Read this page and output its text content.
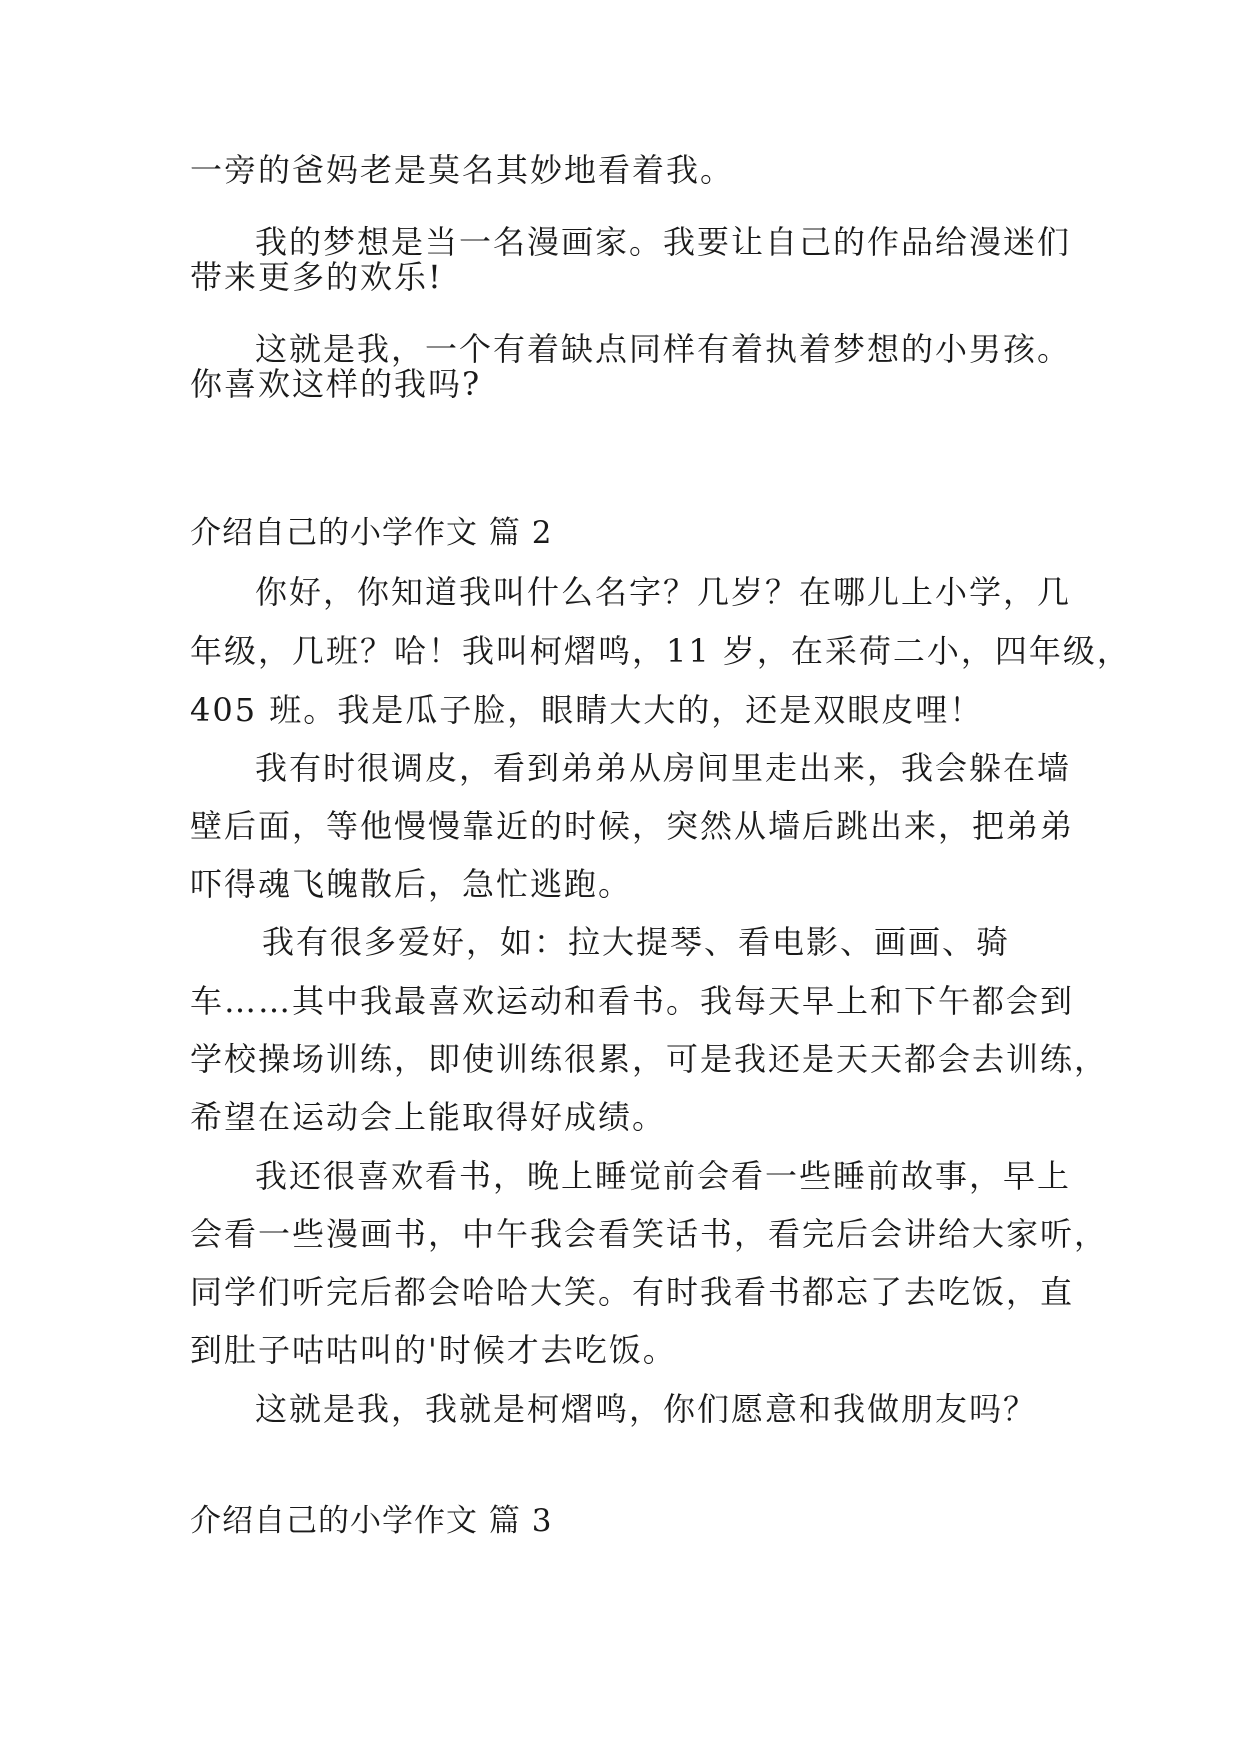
一旁的爸妈老是莫名其妙地看着我。
我的梦想是当一名漫画家。我要让自己的作品给漫迷们
带来更多的欢乐!
这就是我，一个有着缺点同样有着执着梦想的小男孩。
你喜欢这样的我吗?
介绍自己的小学作文 篇 2
你好，你知道我叫什么名字？几岁？在哪儿上小学，几
年级，几班？哈！我叫柯熠鸣，11 岁，在采荷二小，四年级，
405 班。我是瓜子脸，眼睛大大的，还是双眼皮哩！
我有时很调皮，看到弟弟从房间里走出来，我会躲在墙
壁后面，等他慢慢靠近的时候，突然从墙后跳出来，把弟弟
吓得魂飞魄散后，急忙逃跑。
我有很多爱好，如：拉大提琴、看电影、画画、骑
车……其中我最喜欢运动和看书。我每天早上和下午都会到
学校操场训练，即使训练很累，可是我还是天天都会去训练，
希望在运动会上能取得好成绩。
我还很喜欢看书，晚上睡觉前会看一些睡前故事，早上
会看一些漫画书，中午我会看笑话书，看完后会讲给大家听，
同学们听完后都会哈哈大笑。有时我看书都忘了去吃饭，直
到肚子咕咕叫的'时候才去吃饭。
这就是我，我就是柯熠鸣，你们愿意和我做朋友吗？
介绍自己的小学作文 篇 3
